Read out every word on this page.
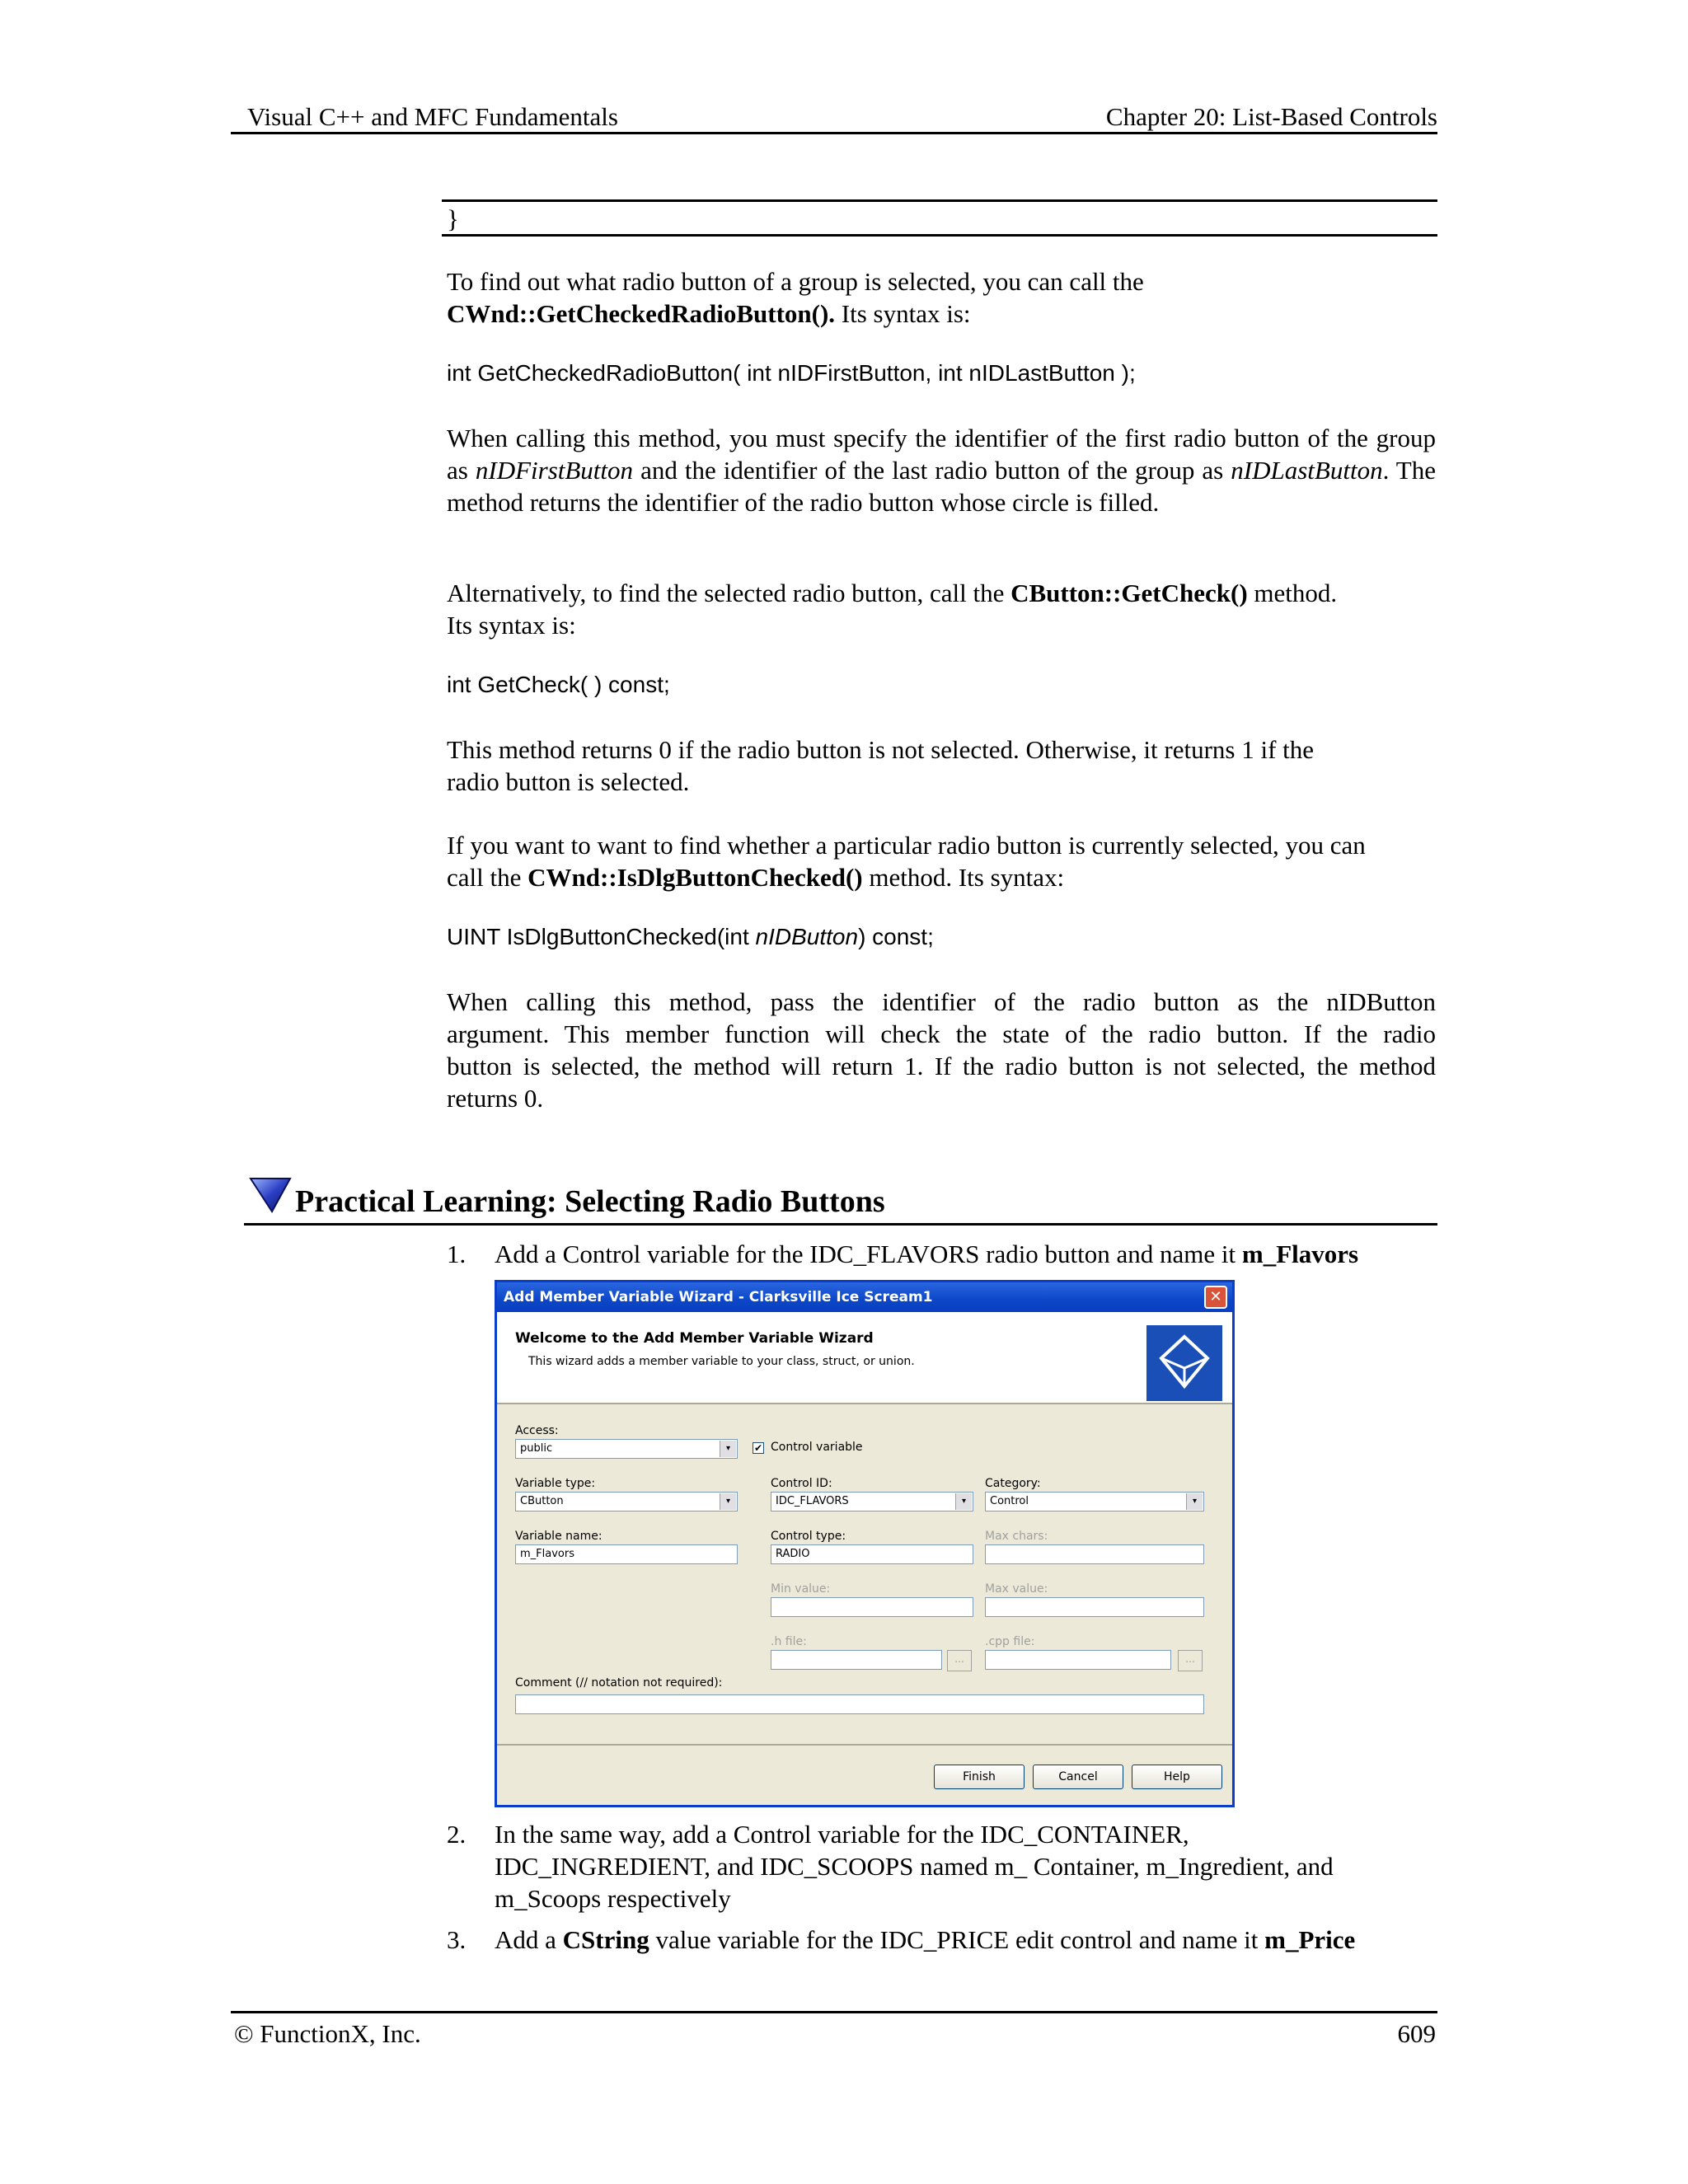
Visual C++ and MFC Fundamentals	Chapter 20: List-Based Controls
}
To find out what radio button of a group is selected, you can call the
CWnd::GetCheckedRadioButton(). Its syntax is:
int GetCheckedRadioButton( int nIDFirstButton, int nIDLastButton );
When calling this method, you must specify the identifier of the first radio button of the group as nIDFirstButton and the identifier of the last radio button of the group as nIDLastButton. The method returns the identifier of the radio button whose circle is filled.
Alternatively, to find the selected radio button, call the CButton::GetCheck() method.
Its syntax is:
int GetCheck( ) const;
This method returns 0 if the radio button is not selected. Otherwise, it returns 1 if the
radio button is selected.
If you want to want to find whether a particular radio button is currently selected, you can
call the CWnd::IsDlgButtonChecked() method. Its syntax:
UINT IsDlgButtonChecked(int nIDButton) const;
When calling this method, pass the identifier of the radio button as the nIDButton
argument. This member function will check the state of the radio button. If the radio
button is selected, the method will return 1. If the radio button is not selected, the method
returns 0.
Practical Learning: Selecting Radio Buttons
1. Add a Control variable for the IDC_FLAVORS radio button and name it m_Flavors
Add Member Variable Wizard - Clarksville Ice Scream1	✕
Welcome to the Add Member Variable Wizard
This wizard adds a member variable to your class, struct, or union.
Access:
public	▾	✔ Control variable
Variable type:
CButton	▾
Control ID:
IDC_FLAVORS	▾
Category:
Control	▾
Variable name:
m_Flavors
Control type:
RADIO
Max chars:
Min value:	Max value:
.h file:
...
.cpp file:
...
Comment (// notation not required):
Finish	Cancel	Help
2. In the same way, add a Control variable for the IDC_CONTAINER,
IDC_INGREDIENT, and IDC_SCOOPS named m_ Container, m_Ingredient, and
m_Scoops respectively
3. Add a CString value variable for the IDC_PRICE edit control and name it m_Price
© FunctionX, Inc.	609
